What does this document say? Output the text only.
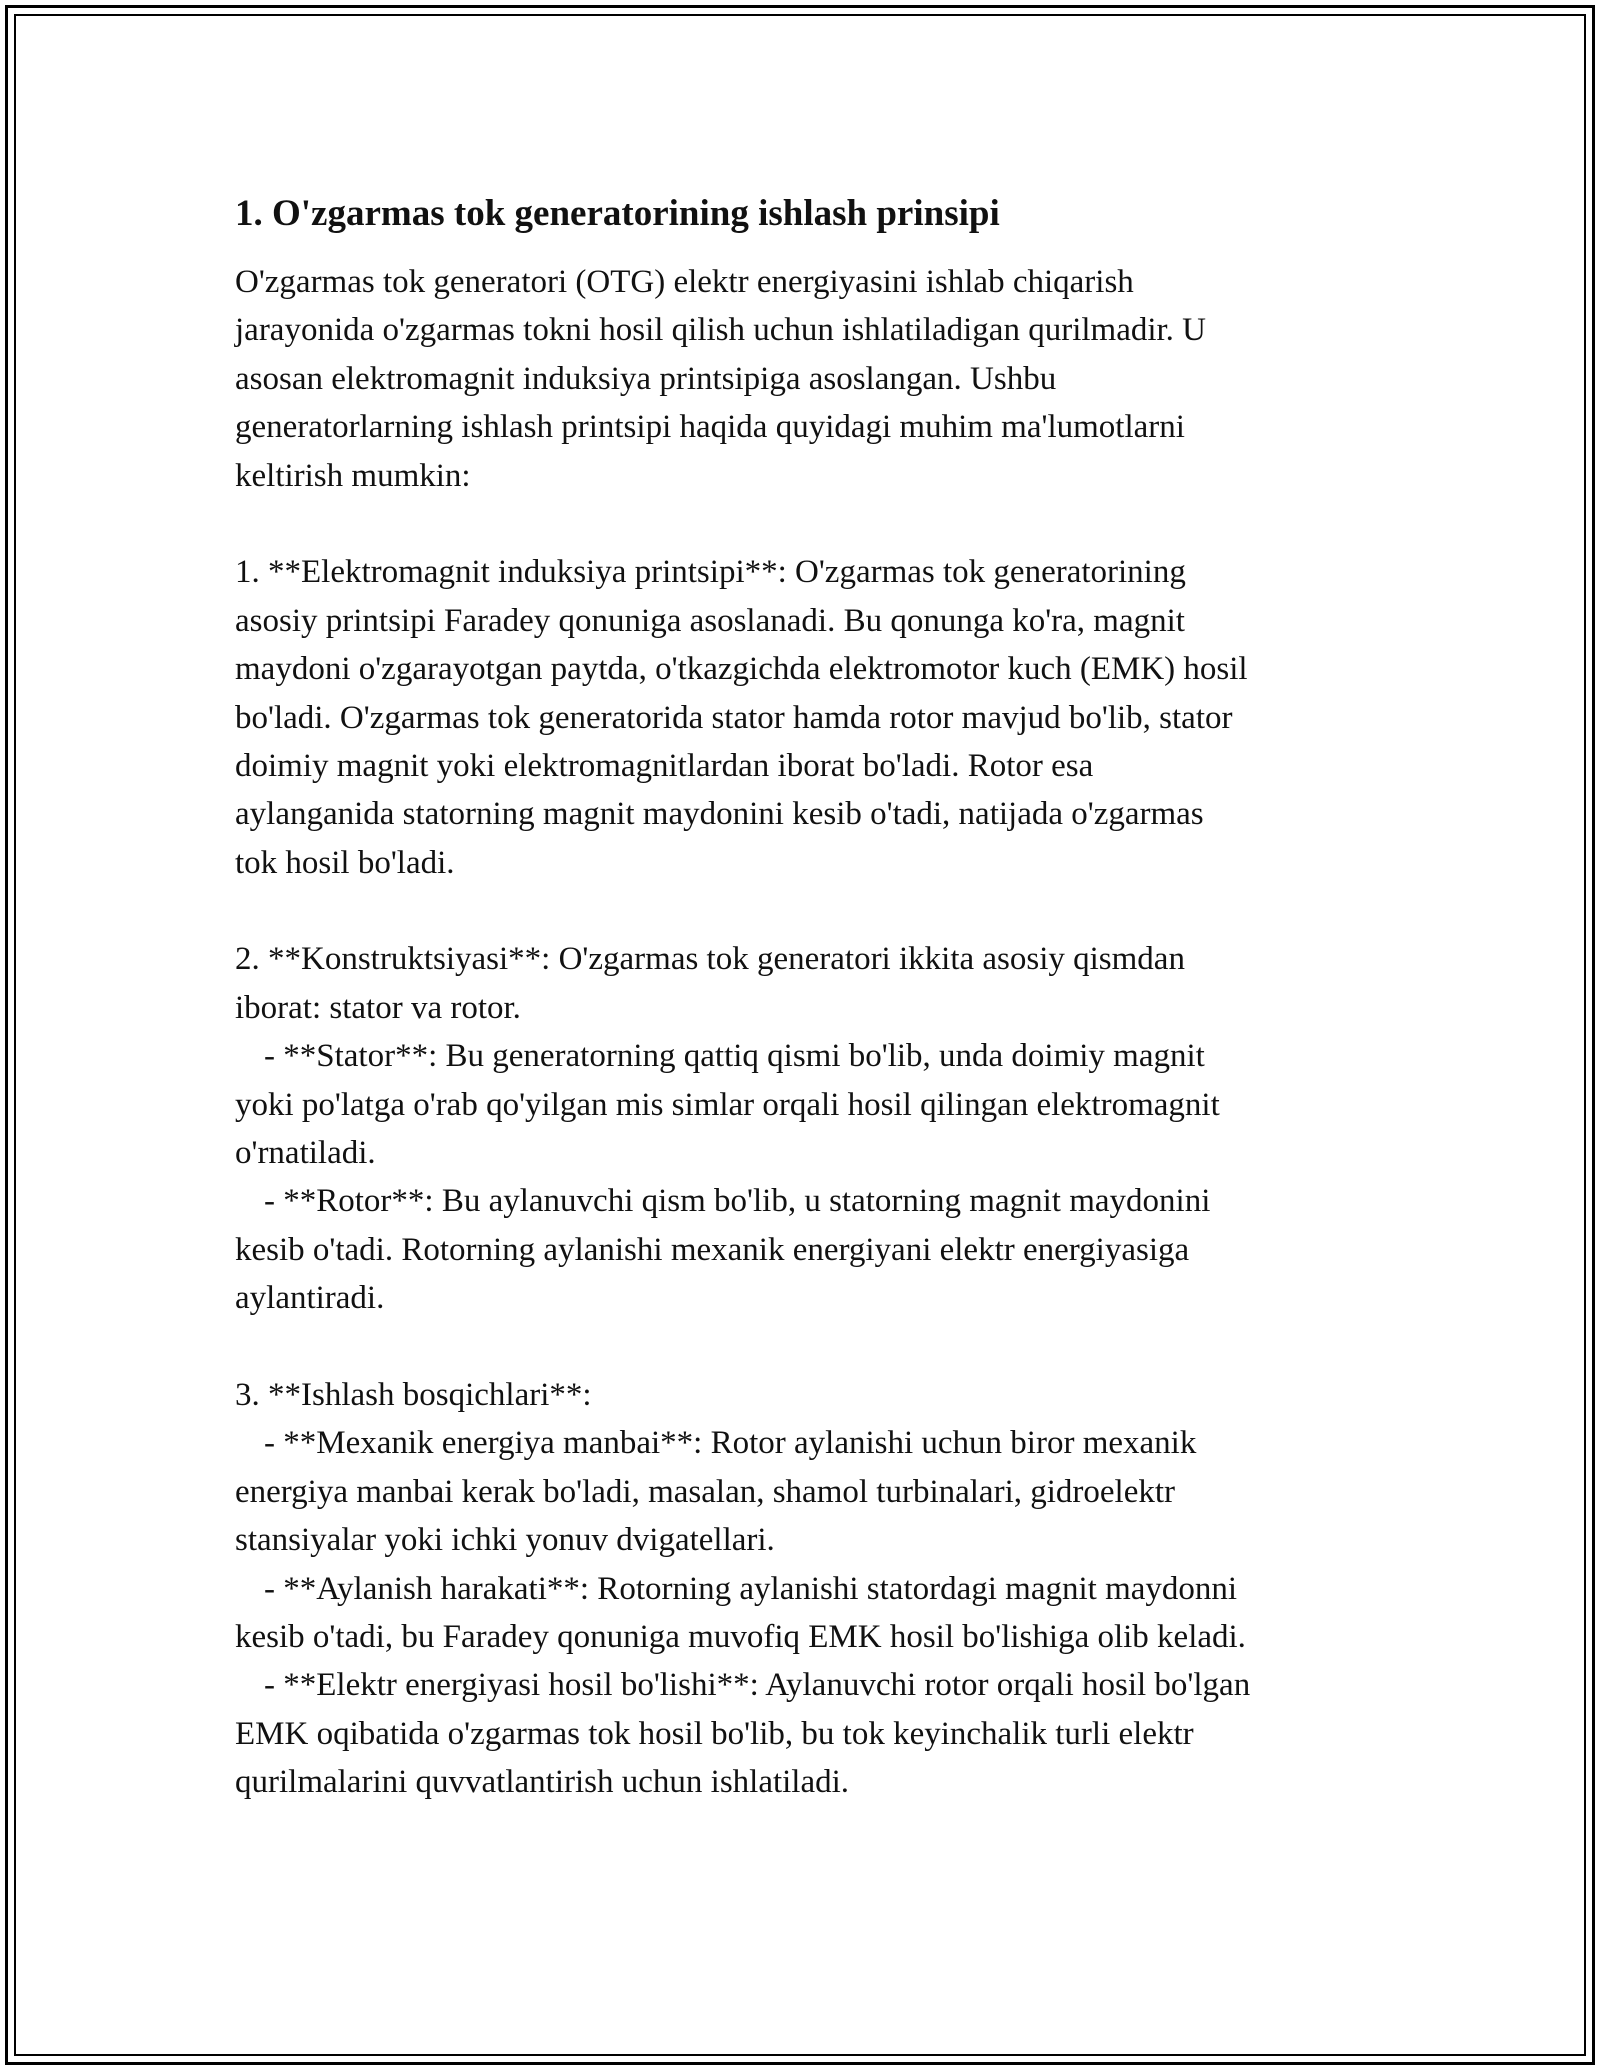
1. O'zgarmas tok generatorining ishlash prinsipi

O'zgarmas tok generatori (OTG) elektr energiyasini ishlab chiqarish
jarayonida o'zgarmas tokni hosil qilish uchun ishlatiladigan qurilmadir. U
asosan elektromagnit induksiya printsipiga asoslangan. Ushbu
generatorlarning ishlash printsipi haqida quyidagi muhim ma'lumotlarni
keltirish mumkin:

1. **Elektromagnit induksiya printsipi**: O'zgarmas tok generatorining
asosiy printsipi Faradey qonuniga asoslanadi. Bu qonunga ko'ra, magnit
maydoni o'zgarayotgan paytda, o'tkazgichda elektromotor kuch (EMK) hosil
bo'ladi. O'zgarmas tok generatorida stator hamda rotor mavjud bo'lib, stator
doimiy magnit yoki elektromagnitlardan iborat bo'ladi. Rotor esa
aylanganida statorning magnit maydonini kesib o'tadi, natijada o'zgarmas
tok hosil bo'ladi.

2. **Konstruktsiyasi**: O'zgarmas tok generatori ikkita asosiy qismdan
iborat: stator va rotor.
- **Stator**: Bu generatorning qattiq qismi bo'lib, unda doimiy magnit
yoki po'latga o'rab qo'yilgan mis simlar orqali hosil qilingan elektromagnit
o'rnatiladi.
- **Rotor**: Bu aylanuvchi qism bo'lib, u statorning magnit maydonini
kesib o'tadi. Rotorning aylanishi mexanik energiyani elektr energiyasiga
aylantiradi.

3. **Ishlash bosqichlari**:
- **Mexanik energiya manbai**: Rotor aylanishi uchun biror mexanik
energiya manbai kerak bo'ladi, masalan, shamol turbinalari, gidroelektr
stansiyalar yoki ichki yonuv dvigatellari.
- **Aylanish harakati**: Rotorning aylanishi statordagi magnit maydonni
kesib o'tadi, bu Faradey qonuniga muvofiq EMK hosil bo'lishiga olib keladi.
- **Elektr energiyasi hosil bo'lishi**: Aylanuvchi rotor orqali hosil bo'lgan
EMK oqibatida o'zgarmas tok hosil bo'lib, bu tok keyinchalik turli elektr
qurilmalarini quvvatlantirish uchun ishlatiladi.
